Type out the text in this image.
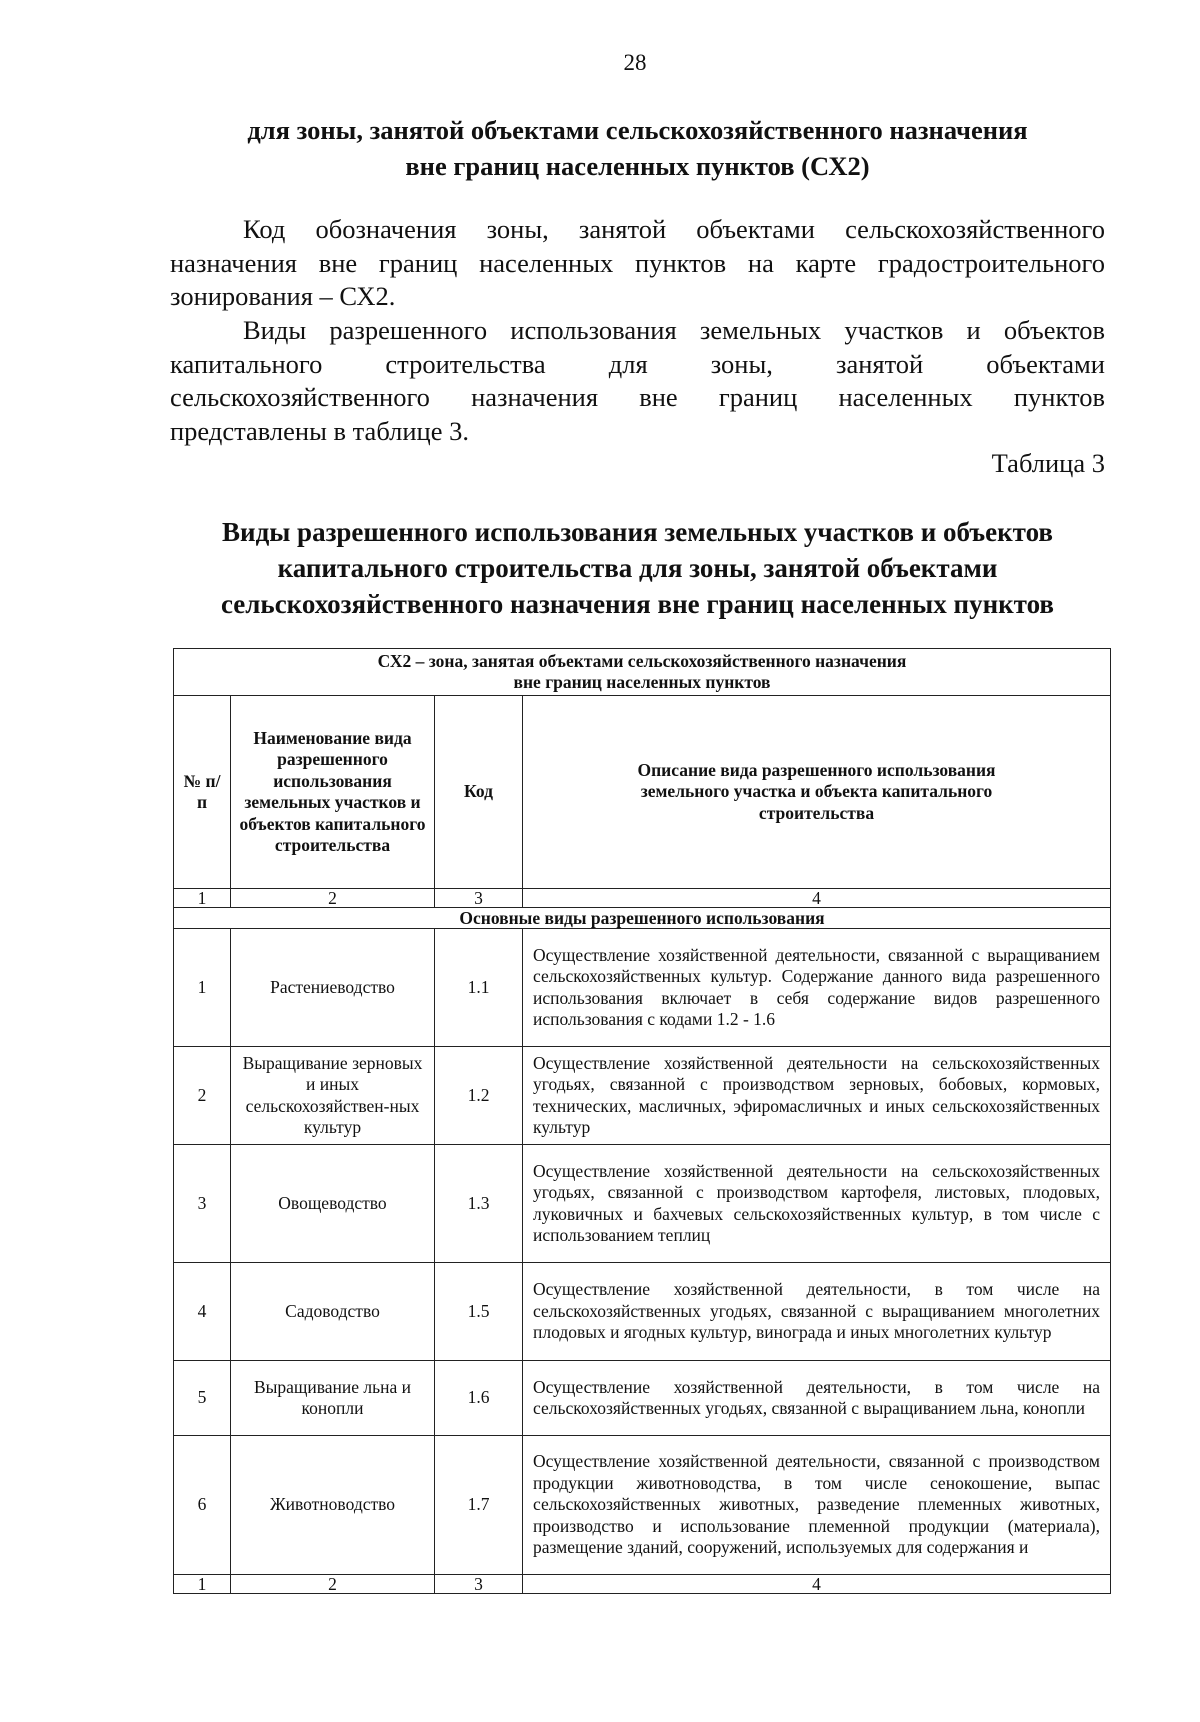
28
для зоны, занятой объектами сельскохозяйственного назначения
вне границ населенных пунктов (СХ2)
Код обозначения зоны, занятой объектами сельскохозяйственного
назначения вне границ населенных пунктов на карте градостроительного
зонирования – СХ2.
Виды разрешенного использования земельных участков и объектов
капитального строительства для зоны, занятой объектами
сельскохозяйственного назначения вне границ населенных пунктов
представлены в таблице 3.
Таблица 3
Виды разрешенного использования земельных участков и объектов
капитального строительства для зоны, занятой объектами
сельскохозяйственного назначения вне границ населенных пунктов
СХ2 – зона, занятая объектами сельскохозяйственного назначения
вне границ населенных пунктов			

№ п/п	Наименование вида разрешенного использования земельных участков и объектов капитального строительства	Код	Описание вида разрешенного использования земельного участка и объекта капитального строительства
1	2	3	4
Основные виды разрешенного использования			
1	Растениеводство	1.1	Осуществление хозяйственной деятельности, связанной с выращиванием сельскохозяйственных культур. Содержание данного вида разрешенного использования включает в себя содержание видов разрешенного использования с кодами 1.2 - 1.6
2	Выращивание зерновых и иных сельскохозяйствен-ных культур	1.2	Осуществление хозяйственной деятельности на сельскохозяйственных угодьях, связанной с производством зерновых, бобовых, кормовых, технических, масличных, эфиромасличных и иных сельскохозяйственных культур
3	Овощеводство	1.3	Осуществление хозяйственной деятельности на сельскохозяйственных угодьях, связанной с производством картофеля, листовых, плодовых, луковичных и бахчевых сельскохозяйственных культур, в том числе с использованием теплиц
4	Садоводство	1.5	Осуществление хозяйственной деятельности, в том числе на сельскохозяйственных угодьях, связанной с выращиванием многолетних плодовых и ягодных культур, винограда и иных многолетних культур
5	Выращивание льна и конопли	1.6	Осуществление хозяйственной деятельности, в том числе на сельскохозяйственных угодьях, связанной с выращиванием льна, конопли
6	Животноводство	1.7	Осуществление хозяйственной деятельности, связанной с производством продукции животноводства, в том числе сенокошение, выпас сельскохозяйственных животных, разведение племенных животных, производство и использование племенной продукции (материала), размещение зданий, сооружений, используемых для содержания и
1	2	3	4
